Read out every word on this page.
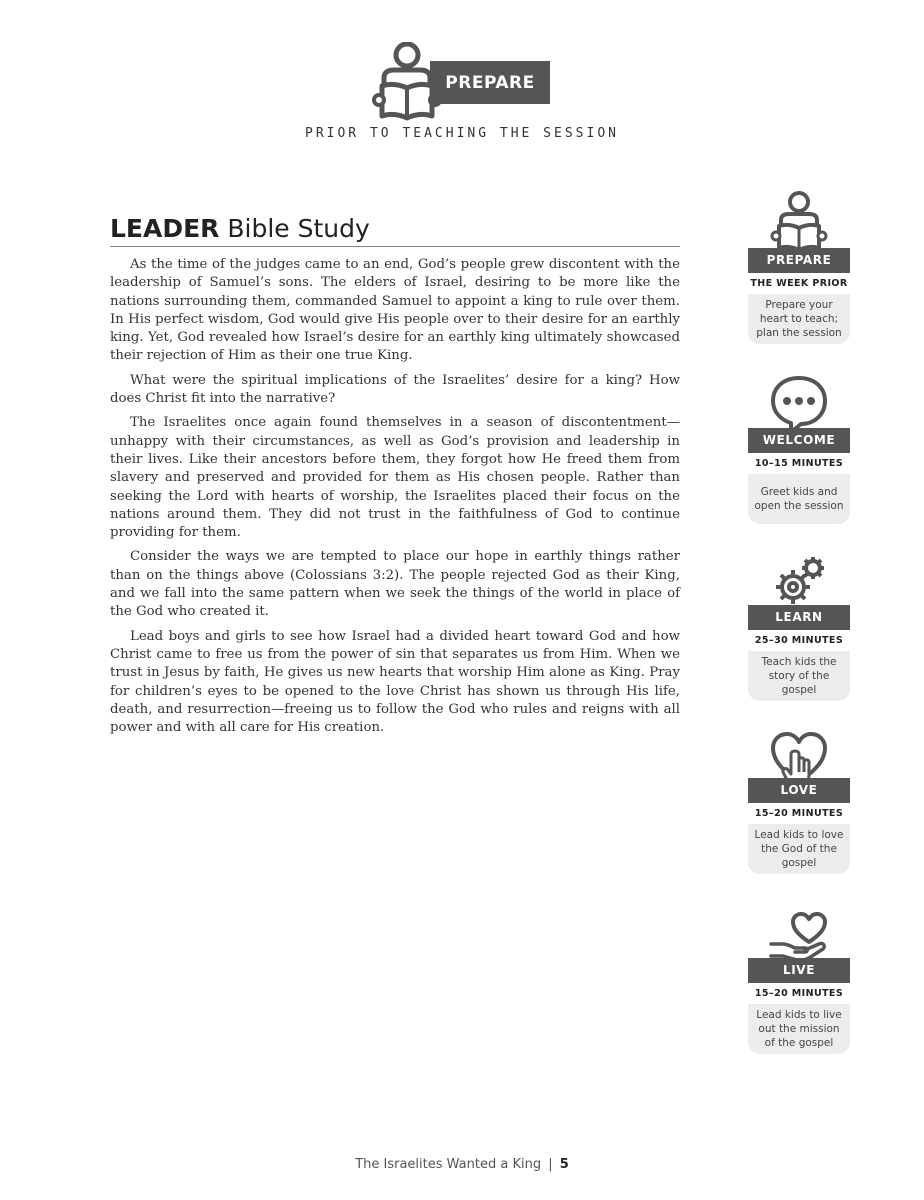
PREPARE
PRIOR TO TEACHING THE SESSION
LEADER Bible Study

As the time of the judges came to an end, God’s people grew discontent with the leadership of Samuel’s sons. The elders of Israel, desiring to be more like the nations surrounding them, commanded Samuel to appoint a king to rule over them. In His perfect wisdom, God would give His people over to their desire for an earthly king. Yet, God revealed how Israel’s desire for an earthly king ultimately showcased their rejection of Him as their one true King.

What were the spiritual implications of the Israelites’ desire for a king? How does Christ fit into the narrative?

The Israelites once again found themselves in a season of discontentment—unhappy with their circumstances, as well as God’s provision and leadership in their lives. Like their ancestors before them, they forgot how He freed them from slavery and preserved and provided for them as His chosen people. Rather than seeking the Lord with hearts of worship, the Israelites placed their focus on the nations around them. They did not trust in the faithfulness of God to continue providing for them.

Consider the ways we are tempted to place our hope in earthly things rather than on the things above (Colossians 3:2). The people rejected God as their King, and we fall into the same pattern when we seek the things of the world in place of the God who created it.

Lead boys and girls to see how Israel had a divided heart toward God and how Christ came to free us from the power of sin that separates us from Him. When we trust in Jesus by faith, He gives us new hearts that worship Him alone as King. Pray for children’s eyes to be opened to the love Christ has shown us through His life, death, and resurrection—freeing us to follow the God who rules and reigns with all power and with all care for His creation.

PREPARE
THE WEEK PRIOR
Prepare your heart to teach; plan the session
WELCOME
10–15 MINUTES
Greet kids and open the session
LEARN
25–30 MINUTES
Teach kids the story of the gospel
LOVE
15–20 MINUTES
Lead kids to love the God of the gospel
LIVE
15–20 MINUTES
Lead kids to live out the mission of the gospel
The Israelites Wanted a King | 5
